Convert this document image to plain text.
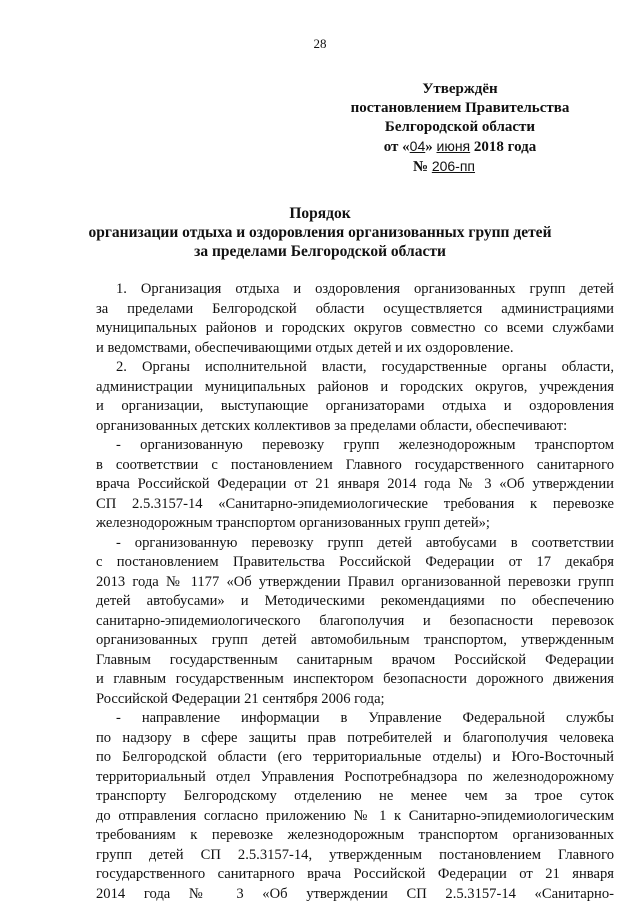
28
Утверждён
постановлением Правительства
Белгородской области
от «04» июня 2018 года
№ 206-пп
Порядок
организации отдыха и оздоровления организованных групп детей
за пределами Белгородской области
1. Организация отдыха и оздоровления организованных групп детей
за пределами Белгородской области осуществляется администрациями
муниципальных районов и городских округов совместно со всеми службами
и ведомствами, обеспечивающими отдых детей и их оздоровление.
2. Органы исполнительной власти, государственные органы области,
администрации муниципальных районов и городских округов, учреждения
и организации, выступающие организаторами отдыха и оздоровления
организованных детских коллективов за пределами области, обеспечивают:
- организованную перевозку групп железнодорожным транспортом
в соответствии с постановлением Главного государственного санитарного
врача Российской Федерации от 21 января 2014 года № 3 «Об утверждении
СП 2.5.3157-14 «Санитарно-эпидемиологические требования к перевозке
железнодорожным транспортом организованных групп детей»;
- организованную перевозку групп детей автобусами в соответствии
с постановлением Правительства Российской Федерации от 17 декабря
2013 года № 1177 «Об утверждении Правил организованной перевозки групп
детей автобусами» и Методическими рекомендациями по обеспечению
санитарно-эпидемиологического благополучия и безопасности перевозок
организованных групп детей автомобильным транспортом, утвержденным
Главным государственным санитарным врачом Российской Федерации
и главным государственным инспектором безопасности дорожного движения
Российской Федерации 21 сентября 2006 года;
- направление информации в Управление Федеральной службы
по надзору в сфере защиты прав потребителей и благополучия человека
по Белгородской области (его территориальные отделы) и Юго-Восточный
территориальный отдел Управления Роспотребнадзора по железнодорожному
транспорту Белгородскому отделению не менее чем за трое суток
до отправления согласно приложению № 1 к Санитарно-эпидемиологическим
требованиям к перевозке железнодорожным транспортом организованных
групп детей СП 2.5.3157-14, утвержденным постановлением Главного
государственного санитарного врача Российской Федерации от 21 января
2014 года № 3 «Об утверждении СП 2.5.3157-14 «Санитарно-
